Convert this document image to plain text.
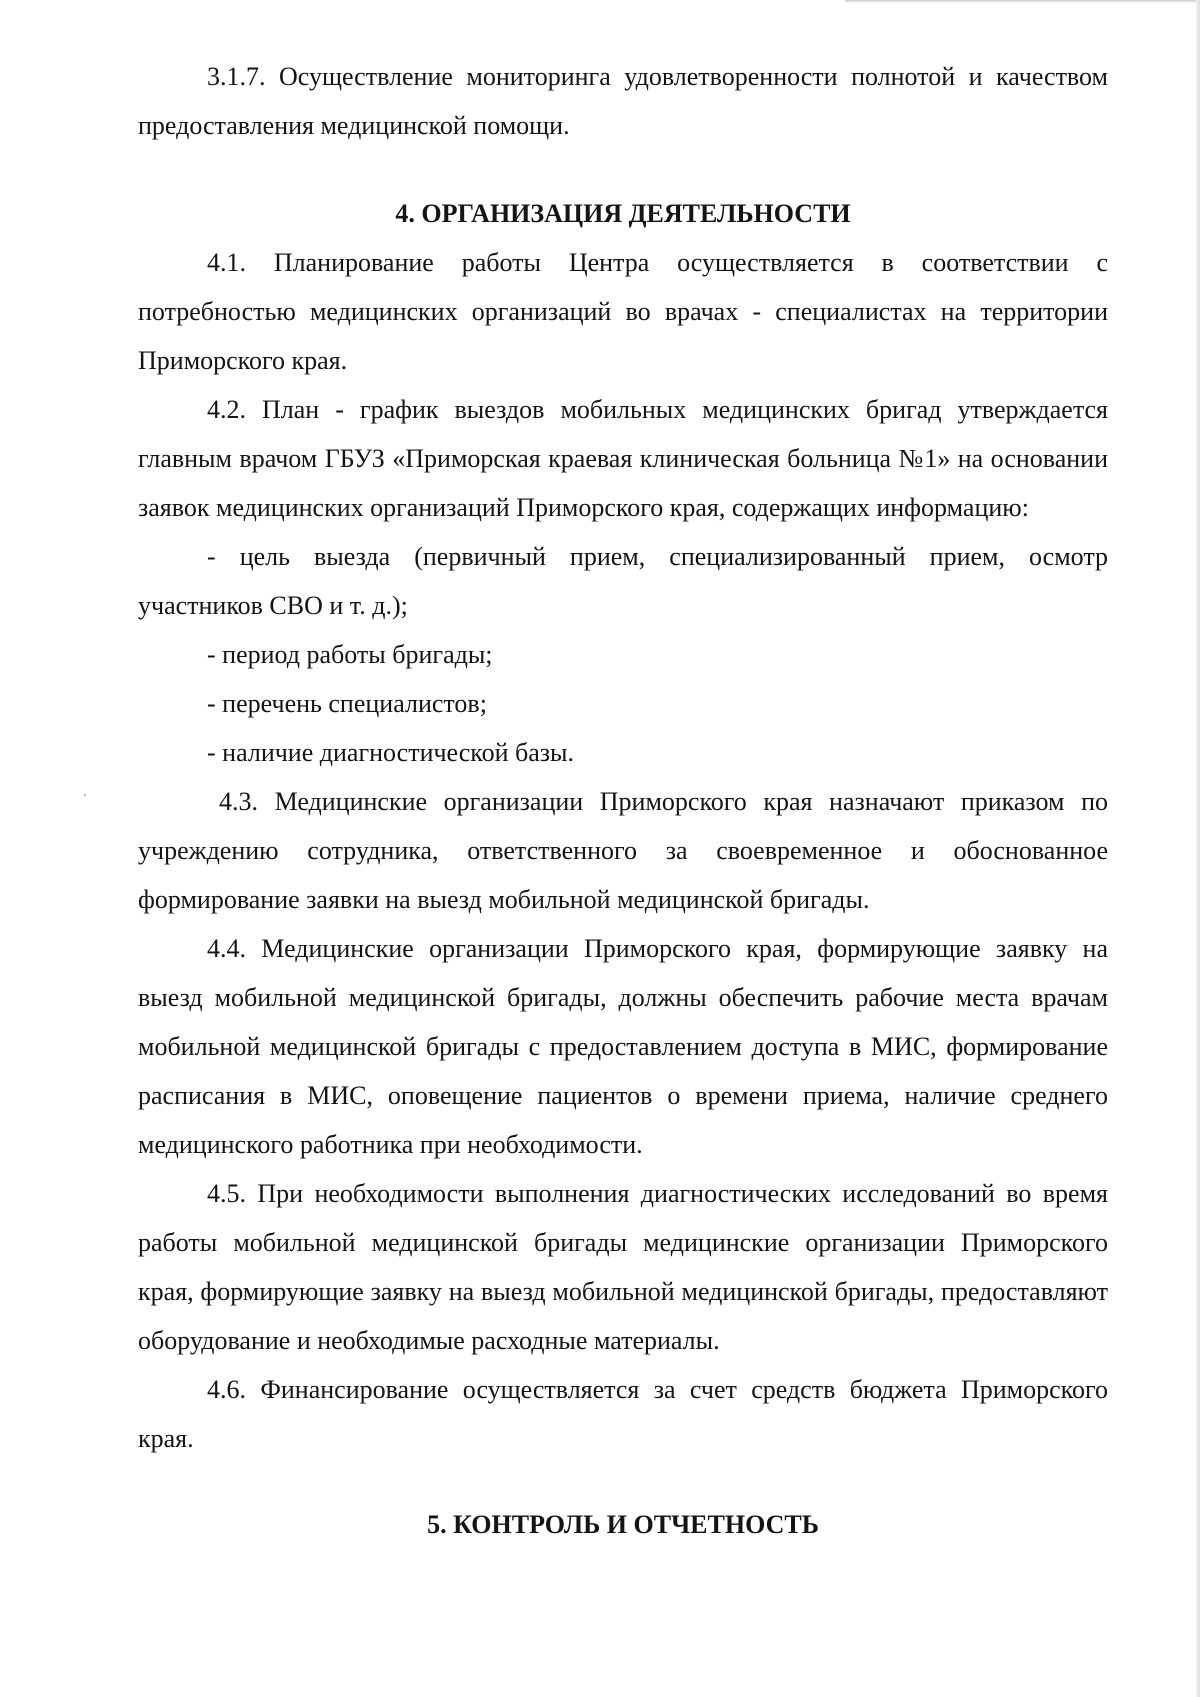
3.1.7. Осуществление мониторинга удовлетворенности полнотой и качеством предоставления медицинской помощи.

4. ОРГАНИЗАЦИЯ ДЕЯТЕЛЬНОСТИ

4.1. Планирование работы Центра осуществляется в соответствии с потребностью медицинских организаций во врачах - специалистах на территории Приморского края.

4.2. План - график выездов мобильных медицинских бригад утверждается главным врачом ГБУЗ «Приморская краевая клиническая больница №1» на основании заявок медицинских организаций Приморского края, содержащих информацию:

- цель выезда (первичный прием, специализированный прием, осмотр участников СВО и т. д.);

- период работы бригады;

- перечень специалистов;

- наличие диагностической базы.

4.3. Медицинские организации Приморского края назначают приказом по учреждению сотрудника, ответственного за своевременное и обоснованное формирование заявки на выезд мобильной медицинской бригады.

4.4. Медицинские организации Приморского края, формирующие заявку на выезд мобильной медицинской бригады, должны обеспечить рабочие места врачам мобильной медицинской бригады с предоставлением доступа в МИС, формирование расписания в МИС, оповещение пациентов о времени приема, наличие среднего медицинского работника при необходимости.

4.5. При необходимости выполнения диагностических исследований во время работы мобильной медицинской бригады медицинские организации Приморского края, формирующие заявку на выезд мобильной медицинской бригады, предоставляют оборудование и необходимые расходные материалы.

4.6. Финансирование осуществляется за счет средств бюджета Приморского края.

5. КОНТРОЛЬ И ОТЧЕТНОСТЬ
